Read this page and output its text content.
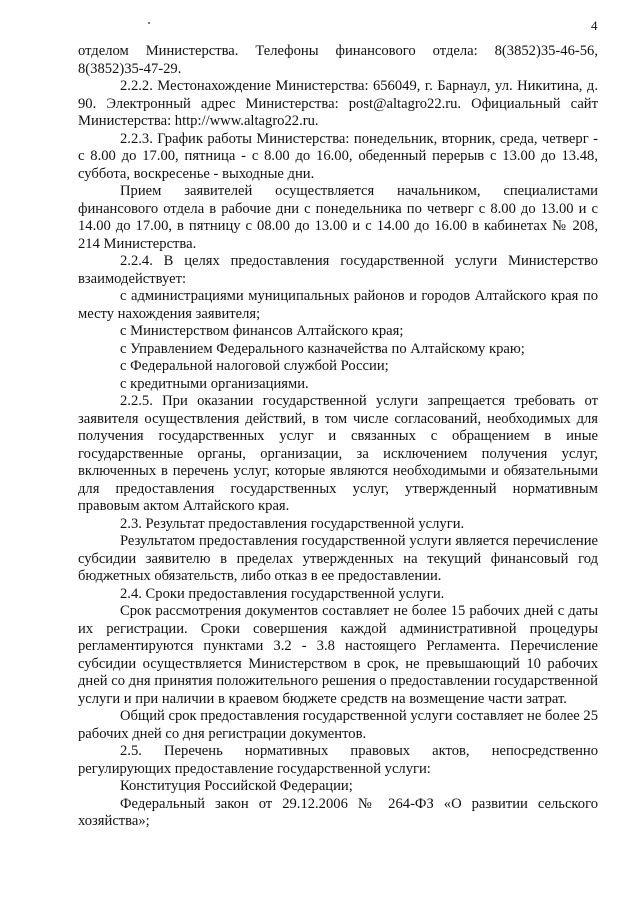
4

отделом Министерства. Телефоны финансового отдела: 8(3852)35-46-56, 8(3852)35-47-29.

2.2.2. Местонахождение Министерства: 656049, г. Барнаул, ул. Никитина, д. 90. Электронный адрес Министерства: post@altagro22.ru. Официальный сайт Министерства: http://www.altagro22.ru.

2.2.3. График работы Министерства: понедельник, вторник, среда, четверг - с 8.00 до 17.00, пятница - с 8.00 до 16.00, обеденный перерыв с 13.00 до 13.48, суббота, воскресенье - выходные дни.

Прием заявителей осуществляется начальником, специалистами финансового отдела в рабочие дни с понедельника по четверг с 8.00 до 13.00 и с 14.00 до 17.00, в пятницу с 08.00 до 13.00 и с 14.00 до 16.00 в кабинетах № 208, 214 Министерства.

2.2.4. В целях предоставления государственной услуги Министерство взаимодействует:

с администрациями муниципальных районов и городов Алтайского края по месту нахождения заявителя;

с Министерством финансов Алтайского края;

с Управлением Федерального казначейства по Алтайскому краю;

с Федеральной налоговой службой России;

с кредитными организациями.

2.2.5. При оказании государственной услуги запрещается требовать от заявителя осуществления действий, в том числе согласований, необходимых для получения государственных услуг и связанных с обращением в иные государственные органы, организации, за исключением получения услуг, включенных в перечень услуг, которые являются необходимыми и обязательными для предоставления государственных услуг, утвержденный нормативным правовым актом Алтайского края.

2.3. Результат предоставления государственной услуги.

Результатом предоставления государственной услуги является перечисление субсидии заявителю в пределах утвержденных на текущий финансовый год бюджетных обязательств, либо отказ в ее предоставлении.

2.4. Сроки предоставления государственной услуги.

Срок рассмотрения документов составляет не более 15 рабочих дней с даты их регистрации. Сроки совершения каждой административной процедуры регламентируются пунктами 3.2 - 3.8 настоящего Регламента. Перечисление субсидии осуществляется Министерством в срок, не превышающий 10 рабочих дней со дня принятия положительного решения о предоставлении государственной услуги и при наличии в краевом бюджете средств на возмещение части затрат.

Общий срок предоставления государственной услуги составляет не более 25 рабочих дней со дня регистрации документов.

2.5. Перечень нормативных правовых актов, непосредственно регулирующих предоставление государственной услуги:

Конституция Российской Федерации;

Федеральный закон от 29.12.2006 № 264-ФЗ «О развитии сельского хозяйства»;
